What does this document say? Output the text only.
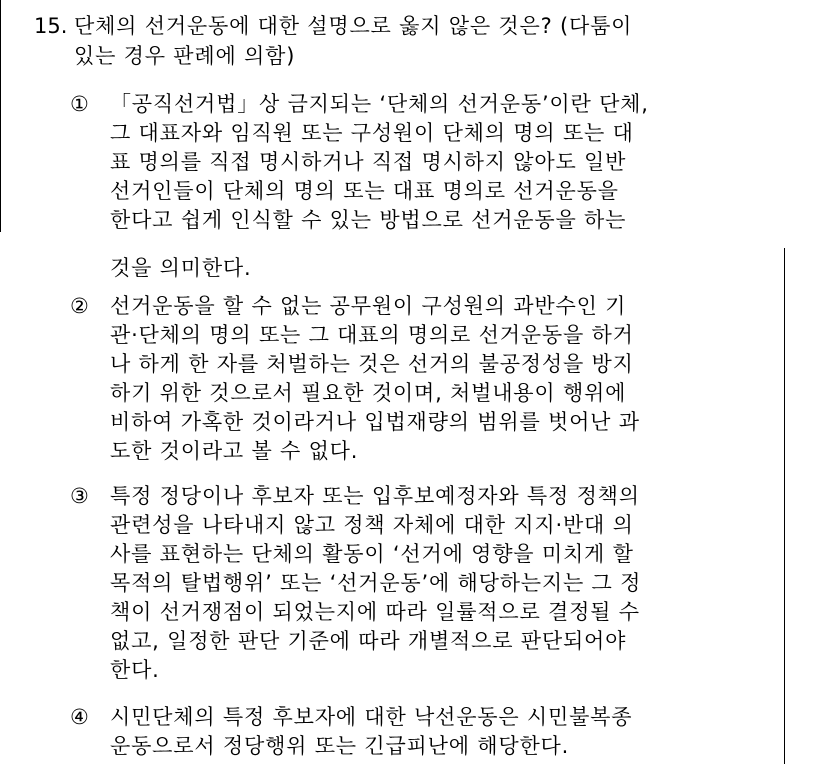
15. 단체의 선거운동에 대한 설명으로 옳지 않은 것은? (다툼이
있는 경우 판례에 의함)
① 「공직선거법」상 금지되는 ‘단체의 선거운동’이란 단체,
그 대표자와 임직원 또는 구성원이 단체의 명의 또는 대
표 명의를 직접 명시하거나 직접 명시하지 않아도 일반
선거인들이 단체의 명의 또는 대표 명의로 선거운동을
한다고 쉽게 인식할 수 있는 방법으로 선거운동을 하는
것을 의미한다.
② 선거운동을 할 수 없는 공무원이 구성원의 과반수인 기
관·단체의 명의 또는 그 대표의 명의로 선거운동을 하거
나 하게 한 자를 처벌하는 것은 선거의 불공정성을 방지
하기 위한 것으로서 필요한 것이며, 처벌내용이 행위에
비하여 가혹한 것이라거나 입법재량의 범위를 벗어난 과
도한 것이라고 볼 수 없다.
③ 특정 정당이나 후보자 또는 입후보예정자와 특정 정책의
관련성을 나타내지 않고 정책 자체에 대한 지지·반대 의
사를 표현하는 단체의 활동이 ‘선거에 영향을 미치게 할
목적의 탈법행위’ 또는 ‘선거운동’에 해당하는지는 그 정
책이 선거쟁점이 되었는지에 따라 일률적으로 결정될 수
없고, 일정한 판단 기준에 따라 개별적으로 판단되어야
한다.
④ 시민단체의 특정 후보자에 대한 낙선운동은 시민불복종
운동으로서 정당행위 또는 긴급피난에 해당한다.
